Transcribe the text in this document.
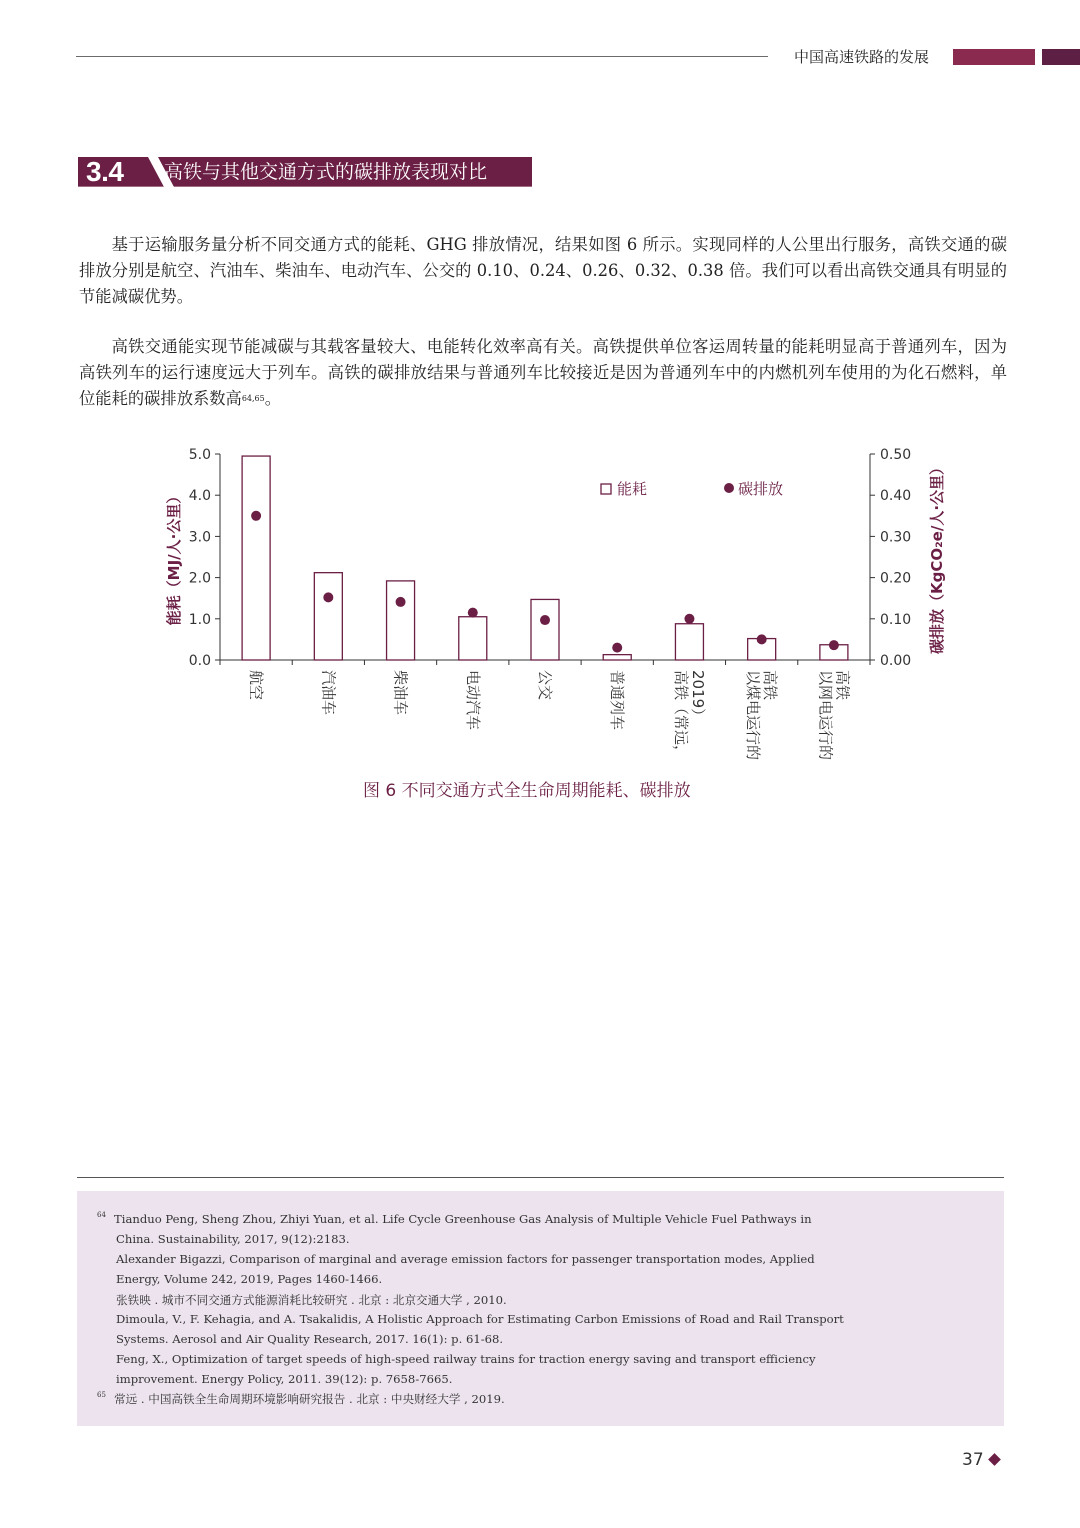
中国高速铁路的发展
3.4 高铁与其他交通方式的碳排放表现对比

基于运输服务量分析不同交通方式的能耗、GHG 排放情况，结果如图 6 所示。实现同样的人公里出行服务，高铁交通的碳排放分别是航空、汽油车、柴油车、电动汽车、公交的 0.10、0.24、0.26、0.32、0.38 倍。我们可以看出高铁交通具有明显的节能减碳优势。

高铁交通能实现节能减碳与其载客量较大、电能转化效率高有关。高铁提供单位客运周转量的能耗明显高于普通列车，因为高铁列车的运行速度远大于列车。高铁的碳排放结果与普通列车比较接近是因为普通列车中的内燃机列车使用的为化石燃料，单位能耗的碳排放系数高$^{64,65}$。

0.0
1.0
2.0
3.0
4.0
5.0
0.00
0.10
0.20
0.30
0.40
0.50
能耗（MJ/人·公里）	碳排放（KgCO₂e/人·公里）
航空	汽油车	柴油车	电动汽车	公交	普通列车	高铁（常远， 2019） 以煤电运行的 高铁 以网电运行的 高铁
能耗	碳排放
图 6 不同交通方式全生命周期能耗、碳排放
64 Tianduo Peng, Sheng Zhou, Zhiyi Yuan, et al. Life Cycle Greenhouse Gas Analysis of Multiple Vehicle Fuel Pathways in
China. Sustainability, 2017, 9(12):2183.
Alexander Bigazzi, Comparison of marginal and average emission factors for passenger transportation modes, Applied
Energy, Volume 242, 2019, Pages 1460-1466.
张铁映 . 城市不同交通方式能源消耗比较研究 . 北京 : 北京交通大学 , 2010.
Dimoula, V., F. Kehagia, and A. Tsakalidis, A Holistic Approach for Estimating Carbon Emissions of Road and Rail Transport
Systems. Aerosol and Air Quality Research, 2017. 16(1): p. 61-68.
Feng, X., Optimization of target speeds of high-speed railway trains for traction energy saving and transport efficiency
improvement. Energy Policy, 2011. 39(12): p. 7658-7665.
65 常远 . 中国高铁全生命周期环境影响研究报告 . 北京 : 中央财经大学 , 2019.
37
